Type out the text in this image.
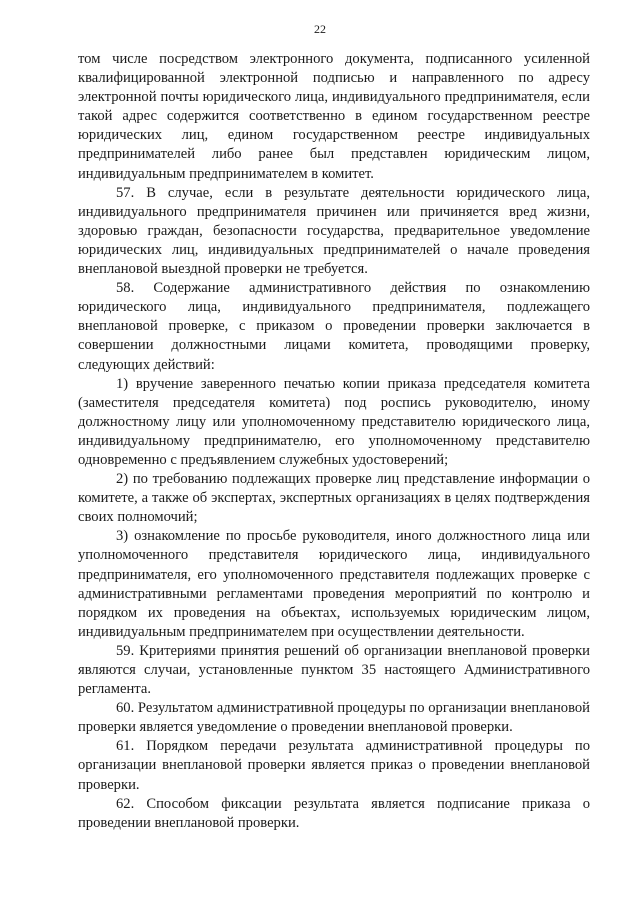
22

том числе посредством электронного документа, подписанного усиленной квалифицированной электронной подписью и направленного по адресу электронной почты юридического лица, индивидуального предпринимателя, если такой адрес содержится соответственно в едином государственном реестре юридических лиц, едином государственном реестре индивидуальных предпринимателей либо ранее был представлен юридическим лицом, индивидуальным предпринимателем в комитет.

57. В случае, если в результате деятельности юридического лица, индивидуального предпринимателя причинен или причиняется вред жизни, здоровью граждан, безопасности государства, предварительное уведомление юридических лиц, индивидуальных предпринимателей о начале проведения внеплановой выездной проверки не требуется.

58. Содержание административного действия по ознакомлению юридического лица, индивидуального предпринимателя, подлежащего внеплановой проверке, с приказом о проведении проверки заключается в совершении должностными лицами комитета, проводящими проверку, следующих действий:

1) вручение заверенного печатью копии приказа председателя комитета (заместителя председателя комитета) под роспись руководителю, иному должностному лицу или уполномоченному представителю юридического лица, индивидуальному предпринимателю, его уполномоченному представителю одновременно с предъявлением служебных удостоверений;

2) по требованию подлежащих проверке лиц представление информации о комитете, а также об экспертах, экспертных организациях в целях подтверждения своих полномочий;

3) ознакомление по просьбе руководителя, иного должностного лица или уполномоченного представителя юридического лица, индивидуального предпринимателя, его уполномоченного представителя подлежащих проверке с административными регламентами проведения мероприятий по контролю и порядком их проведения на объектах, используемых юридическим лицом, индивидуальным предпринимателем при осуществлении деятельности.

59. Критериями принятия решений об организации внеплановой проверки являются случаи, установленные пунктом 35 настоящего Административного регламента.

60. Результатом административной процедуры по организации внеплановой проверки является уведомление о проведении внеплановой проверки.

61. Порядком передачи результата административной процедуры по организации внеплановой проверки является приказ о проведении внеплановой проверки.

62. Способом фиксации результата является подписание приказа о проведении внеплановой проверки.
